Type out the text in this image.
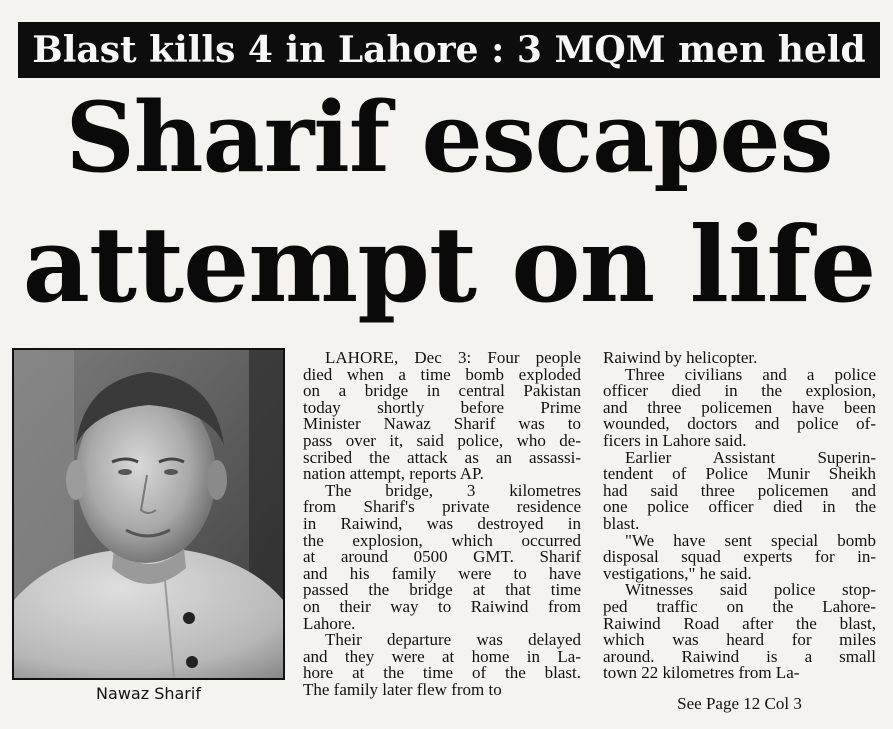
Blast kills 4 in Lahore : 3 MQM men held
Sharif escapes
attempt on life
Nawaz Sharif
LAHORE, Dec 3: Four people
died when a time bomb exploded
on a bridge in central Pakistan
today shortly before Prime
Minister Nawaz Sharif was to
pass over it, said police, who de-
scribed the attack as an assassi-
nation attempt, reports AP.
The bridge, 3 kilometres
from Sharif's private residence
in Raiwind, was destroyed in
the explosion, which occurred
at around 0500 GMT. Sharif
and his family were to have
passed the bridge at that time
on their way to Raiwind from
Lahore.
Their departure was delayed
and they were at home in La-
hore at the time of the blast.
The family later flew from to
Raiwind by helicopter.
Three civilians and a police
officer died in the explosion,
and three policemen have been
wounded, doctors and police of-
ficers in Lahore said.
Earlier Assistant Superin-
tendent of Police Munir Sheikh
had said three policemen and
one police officer died in the
blast.
"We have sent special bomb
disposal squad experts for in-
vestigations," he said.
Witnesses said police stop-
ped traffic on the Lahore-
Raiwind Road after the blast,
which was heard for miles
around. Raiwind is a small
town 22 kilometres from La-
See Page 12 Col 3
